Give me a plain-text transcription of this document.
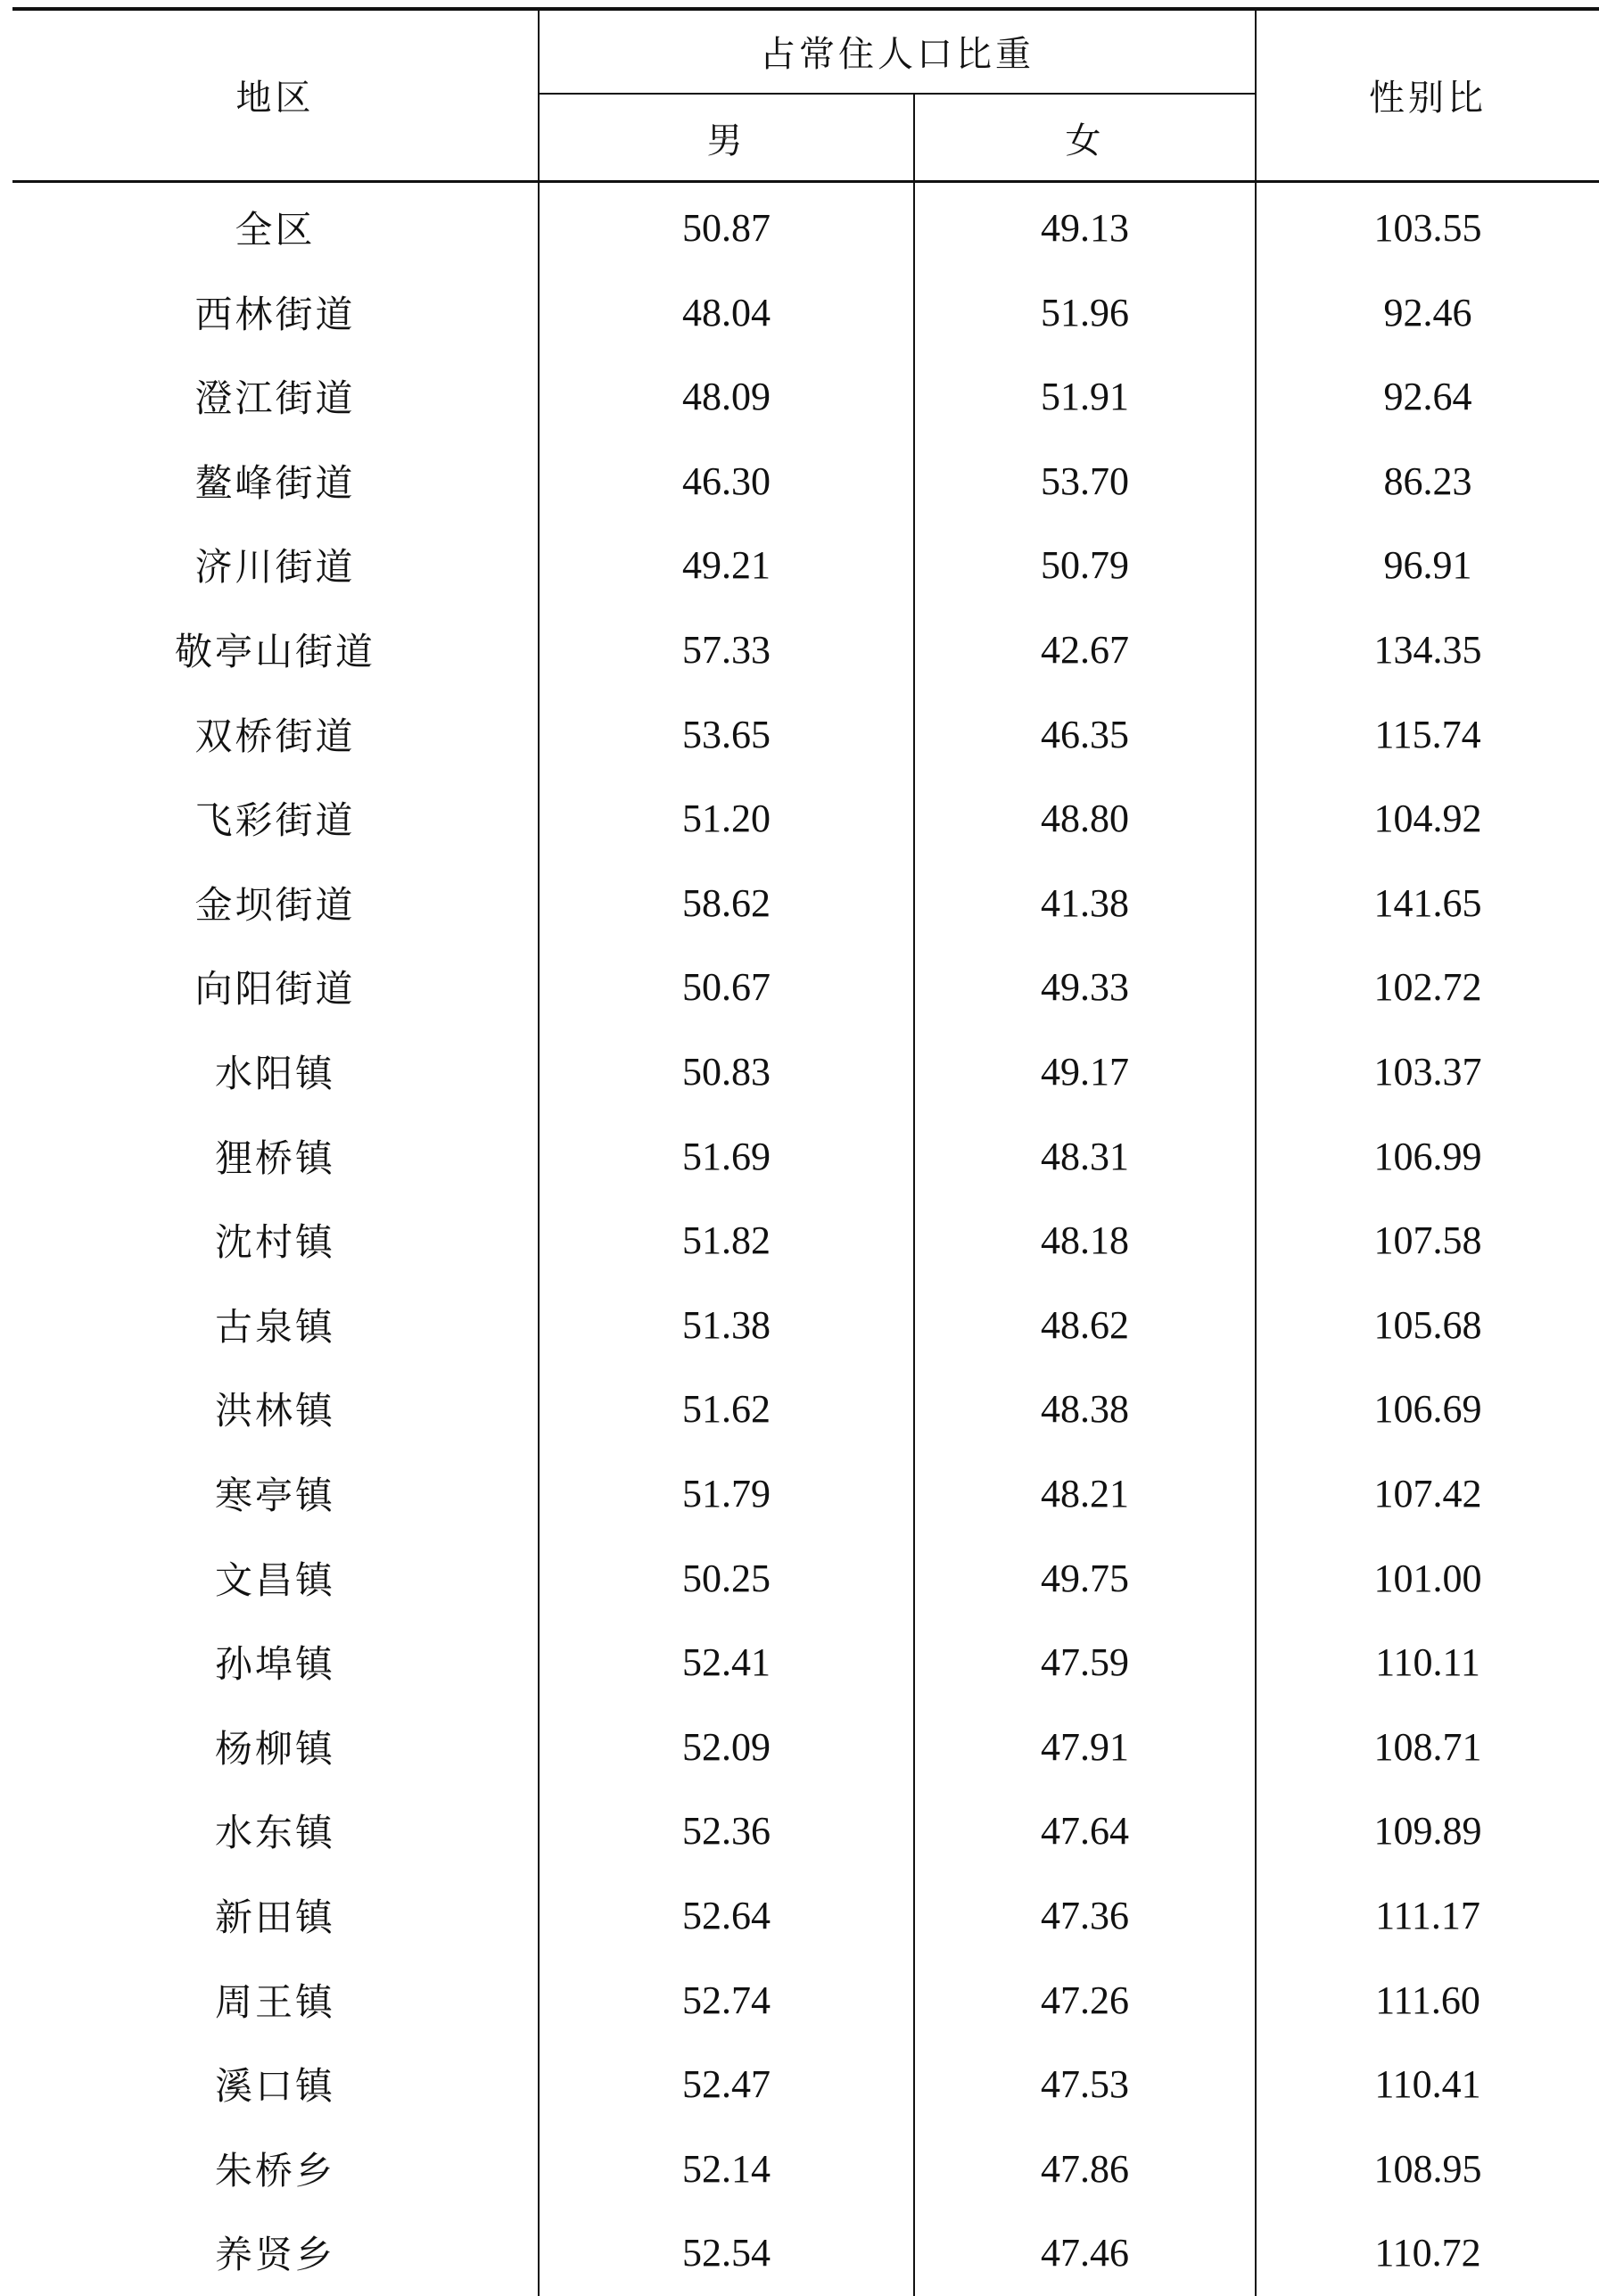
地区
占常住人口比重
男	女
性别比
全区	50.87	49.13	103.55
西林街道	48.04	51.96	92.46
澄江街道	48.09	51.91	92.64
鳌峰街道	46.30	53.70	86.23
济川街道	49.21	50.79	96.91
敬亭山街道	57.33	42.67	134.35
双桥街道	53.65	46.35	115.74
飞彩街道	51.20	48.80	104.92
金坝街道	58.62	41.38	141.65
向阳街道	50.67	49.33	102.72
水阳镇	50.83	49.17	103.37
狸桥镇	51.69	48.31	106.99
沈村镇	51.82	48.18	107.58
古泉镇	51.38	48.62	105.68
洪林镇	51.62	48.38	106.69
寒亭镇	51.79	48.21	107.42
文昌镇	50.25	49.75	101.00
孙埠镇	52.41	47.59	110.11
杨柳镇	52.09	47.91	108.71
水东镇	52.36	47.64	109.89
新田镇	52.64	47.36	111.17
周王镇	52.74	47.26	111.60
溪口镇	52.47	47.53	110.41
朱桥乡	52.14	47.86	108.95
养贤乡	52.54	47.46	110.72
